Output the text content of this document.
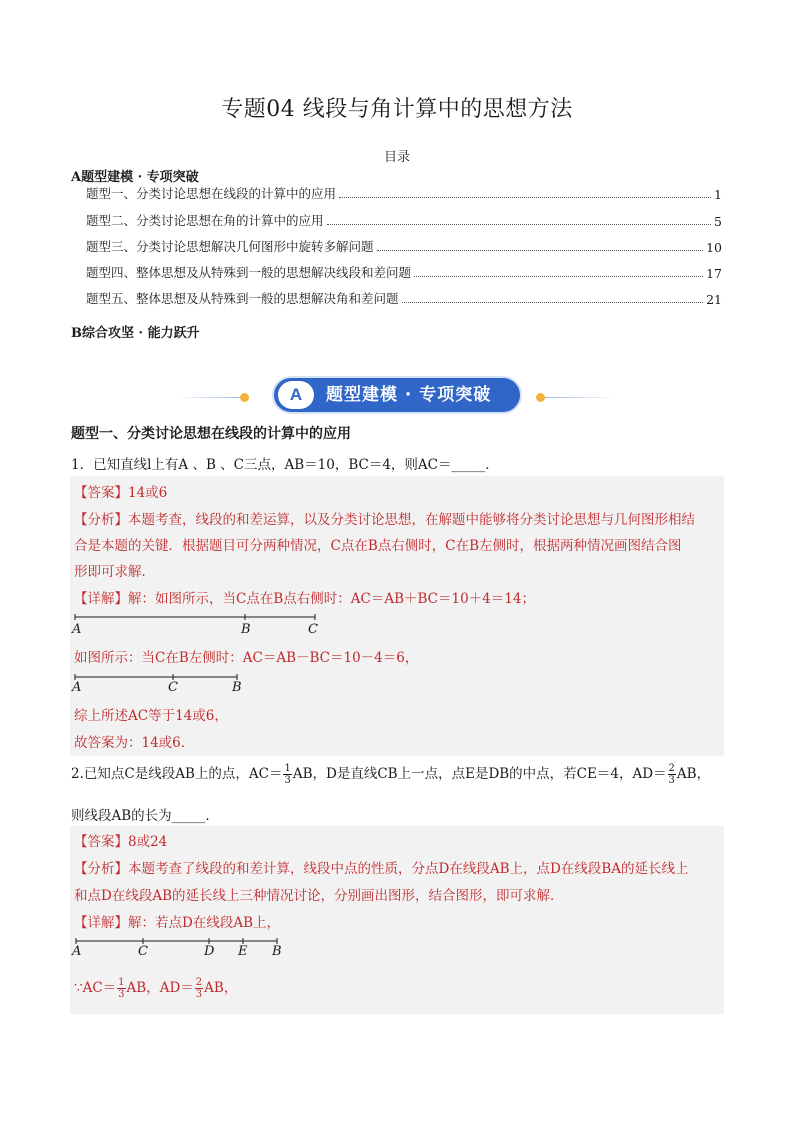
专题04 线段与角计算中的思想方法
目录
A题型建模 · 专项突破
题型一、分类讨论思想在线段的计算中的应用	1
题型二、分类讨论思想在角的计算中的应用	5
题型三、分类讨论思想解决几何图形中旋转多解问题	10
题型四、整体思想及从特殊到一般的思想解决线段和差问题	17
题型五、整体思想及从特殊到一般的思想解决角和差问题	21
B综合攻坚 · 能力跃升
A	题型建模 · 专项突破
题型一、分类讨论思想在线段的计算中的应用
1．已知直线l上有A 、B 、C三点，AB＝10，BC＝4，则AC＝_____．
【答案】14或6
【分析】本题考查，线段的和差运算，以及分类讨论思想，在解题中能够将分类讨论思想与几何图形相结
合是本题的关键．根据题目可分两种情况，C点在B点右侧时，C在B左侧时，根据两种情况画图结合图
形即可求解．
【详解】解：如图所示，当C点在B点右侧时：AC＝AB＋BC＝10＋4＝14；
A	B	C
如图所示：当C在B左侧时：AC＝AB－BC＝10－4＝6，
A	C	B
综上所述AC等于14或6，
故答案为：14或6．
2.已知点C是线段AB上的点，$AC= \frac{1}{3}$ AB，D是直线CB上一点，点E是DB的中点，若CE＝4，$AD= \frac{2}{3}$ AB，
则线段AB的长为_____．
【答案】8或24
【分析】本题考查了线段的和差计算，线段中点的性质，分点D在线段AB上，点D在线段BA的延长线上
和点D在线段AB的延长线上三种情况讨论，分别画出图形，结合图形，即可求解．
【详解】解：若点D在线段AB上，
A	C	D E B
∵AC＝ $\frac{1}{3}$ AB，$AD= \frac{2}{3}$ AB，
